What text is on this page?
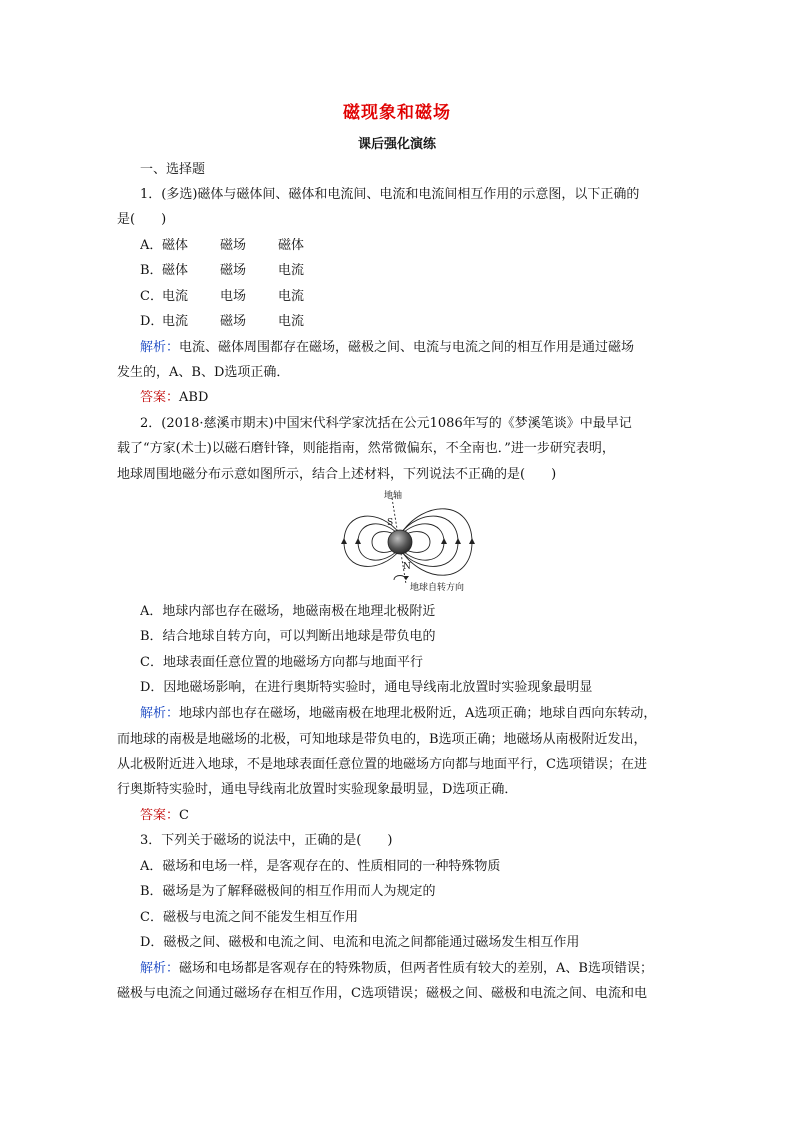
磁现象和磁场
课后强化演练
一、选择题
1．(多选)磁体与磁体间、磁体和电流间、电流和电流间相互作用的示意图，以下正确的
是(　　)
A．磁体 磁场 磁体
B．磁体 磁场 电流
C．电流 电场 电流
D．电流 磁场 电流
解析：电流、磁体周围都存在磁场，磁极之间、电流与电流之间的相互作用是通过磁场
发生的，A、B、D选项正确．
答案：ABD
2．(2018·慈溪市期末)中国宋代科学家沈括在公元1086年写的《梦溪笔谈》中最早记
载了“方家(术士)以磁石磨针锋，则能指南，然常微偏东，不全南也．”进一步研究表明，
地球周围地磁分布示意如图所示，结合上述材料，下列说法不正确的是(　　)
地轴
S
N
地球自转方向
A．地球内部也存在磁场，地磁南极在地理北极附近
B．结合地球自转方向，可以判断出地球是带负电的
C．地球表面任意位置的地磁场方向都与地面平行
D．因地磁场影响，在进行奥斯特实验时，通电导线南北放置时实验现象最明显
解析：地球内部也存在磁场，地磁南极在地理北极附近，A选项正确；地球自西向东转动，
而地球的南极是地磁场的北极，可知地球是带负电的，B选项正确；地磁场从南极附近发出，
从北极附近进入地球，不是地球表面任意位置的地磁场方向都与地面平行，C选项错误；在进
行奥斯特实验时，通电导线南北放置时实验现象最明显，D选项正确．
答案：C
3．下列关于磁场的说法中，正确的是(　　)
A．磁场和电场一样，是客观存在的、性质相同的一种特殊物质
B．磁场是为了解释磁极间的相互作用而人为规定的
C．磁极与电流之间不能发生相互作用
D．磁极之间、磁极和电流之间、电流和电流之间都能通过磁场发生相互作用
解析：磁场和电场都是客观存在的特殊物质，但两者性质有较大的差别，A、B选项错误；
磁极与电流之间通过磁场存在相互作用，C选项错误；磁极之间、磁极和电流之间、电流和电
